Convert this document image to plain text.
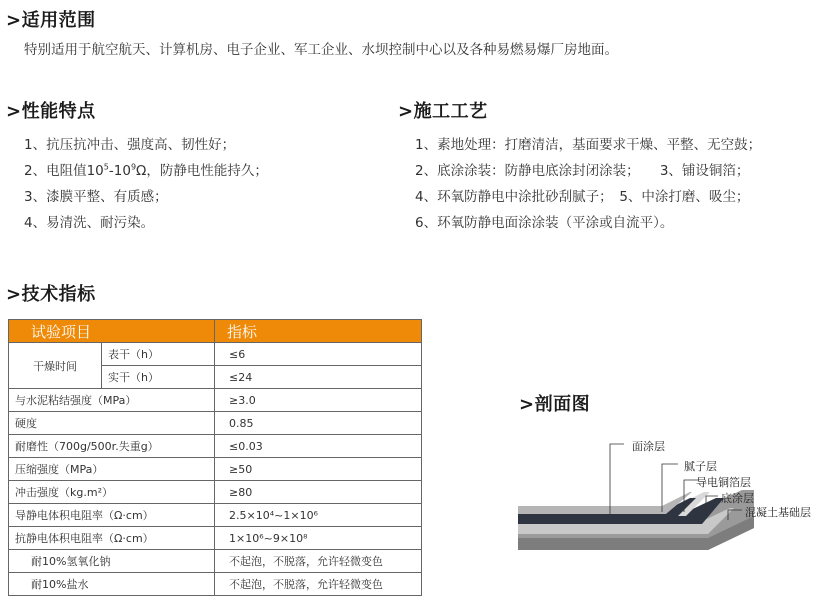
>适用范围
特别适用于航空航天、计算机房、电子企业、军工企业、水坝控制中心以及各种易燃易爆厂房地面。
>性能特点
1、抗压抗冲击、强度高、韧性好；
2、电阻值$10^5-10^9\Omega$，防静电性能持久；
3、漆膜平整、有质感；
4、易清洗、耐污染。
>施工工艺
1、素地处理：打磨清洁，基面要求干燥、平整、无空鼓；
2、底涂涂装：防静电底涂封闭涂装；　　3、铺设铜箔；
4、环氧防静电中涂批砂刮腻子；　5、中涂打磨、吸尘；
6、环氧防静电面涂涂装（平涂或自流平）。
>技术指标
试验项目		指标
干燥时间	表干（h）	≤6
	实干（h）	≤24
与水泥粘结强度（MPa）		≥3.0
硬度		0.85
耐磨性（700g/500r.失重g）		≤0.03
压缩强度（MPa）		≥50
冲击强度（kg.m²）		≥80
导静电体积电阻率（Ω·cm）		2.5×10⁴~1×10⁶
抗静电体积电阻率（Ω·cm）		1×10⁶~9×10⁸
耐10%氢氧化钠		不起泡，不脱落，允许轻微变色
耐10%盐水		不起泡，不脱落，允许轻微变色
>剖面图
面涂层
腻子层
导电铜箔层
底涂层
混凝土基础层
